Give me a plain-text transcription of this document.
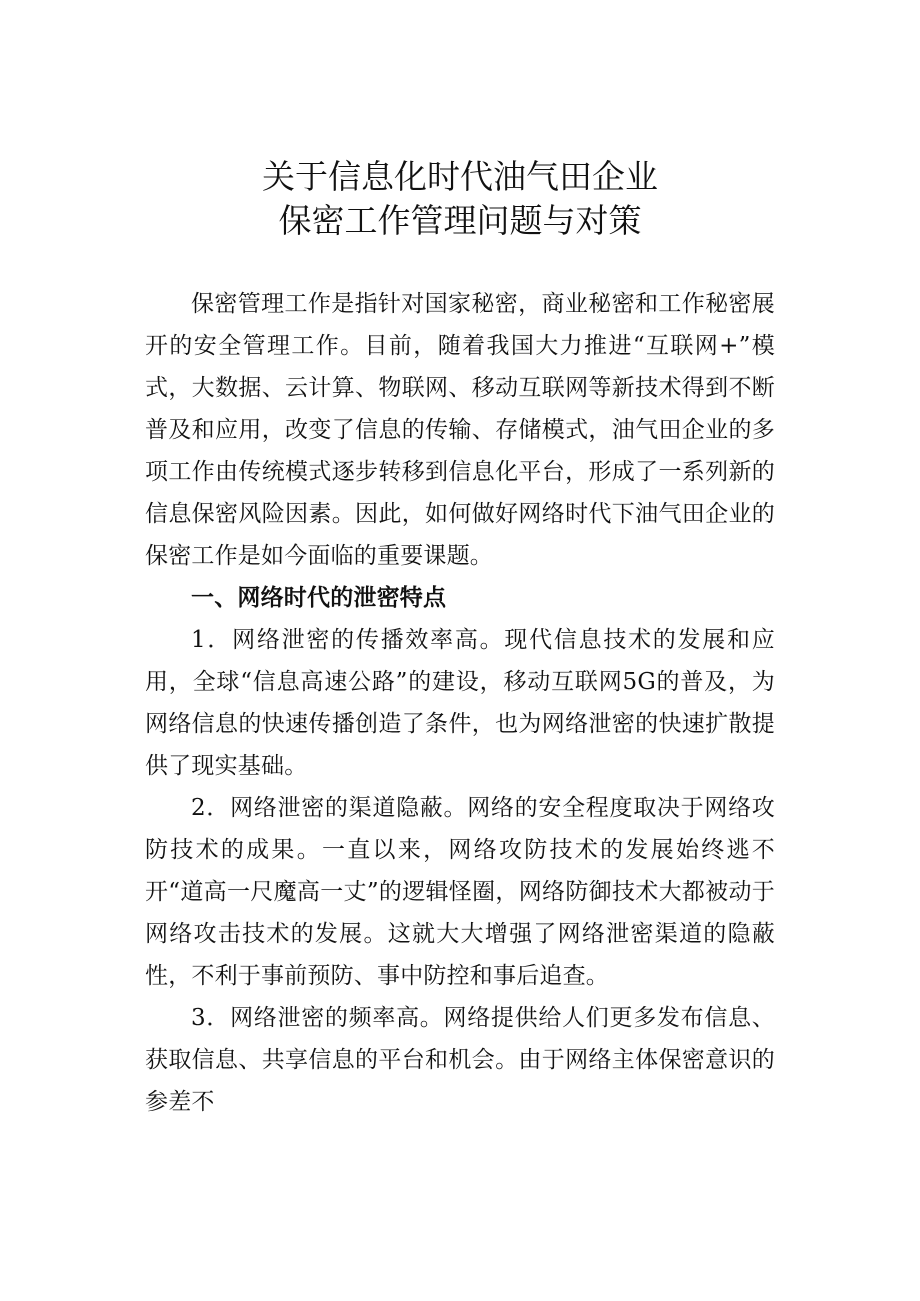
关于信息化时代油气田企业
保密工作管理问题与对策

保密管理工作是指针对国家秘密，商业秘密和工作秘密展开的安全管理工作。目前，随着我国大力推进“互联网+”模式，大数据、云计算、物联网、移动互联网等新技术得到不断普及和应用，改变了信息的传输、存储模式，油气田企业的多项工作由传统模式逐步转移到信息化平台，形成了一系列新的信息保密风险因素。因此，如何做好网络时代下油气田企业的保密工作是如今面临的重要课题。

一、网络时代的泄密特点

1．网络泄密的传播效率高。现代信息技术的发展和应用，全球“信息高速公路”的建设，移动互联网5G的普及，为网络信息的快速传播创造了条件，也为网络泄密的快速扩散提供了现实基础。

2．网络泄密的渠道隐蔽。网络的安全程度取决于网络攻防技术的成果。一直以来，网络攻防技术的发展始终逃不开“道高一尺魔高一丈”的逻辑怪圈，网络防御技术大都被动于网络攻击技术的发展。这就大大增强了网络泄密渠道的隐蔽性，不利于事前预防、事中防控和事后追查。

3．网络泄密的频率高。网络提供给人们更多发布信息、获取信息、共享信息的平台和机会。由于网络主体保密意识的参差不
